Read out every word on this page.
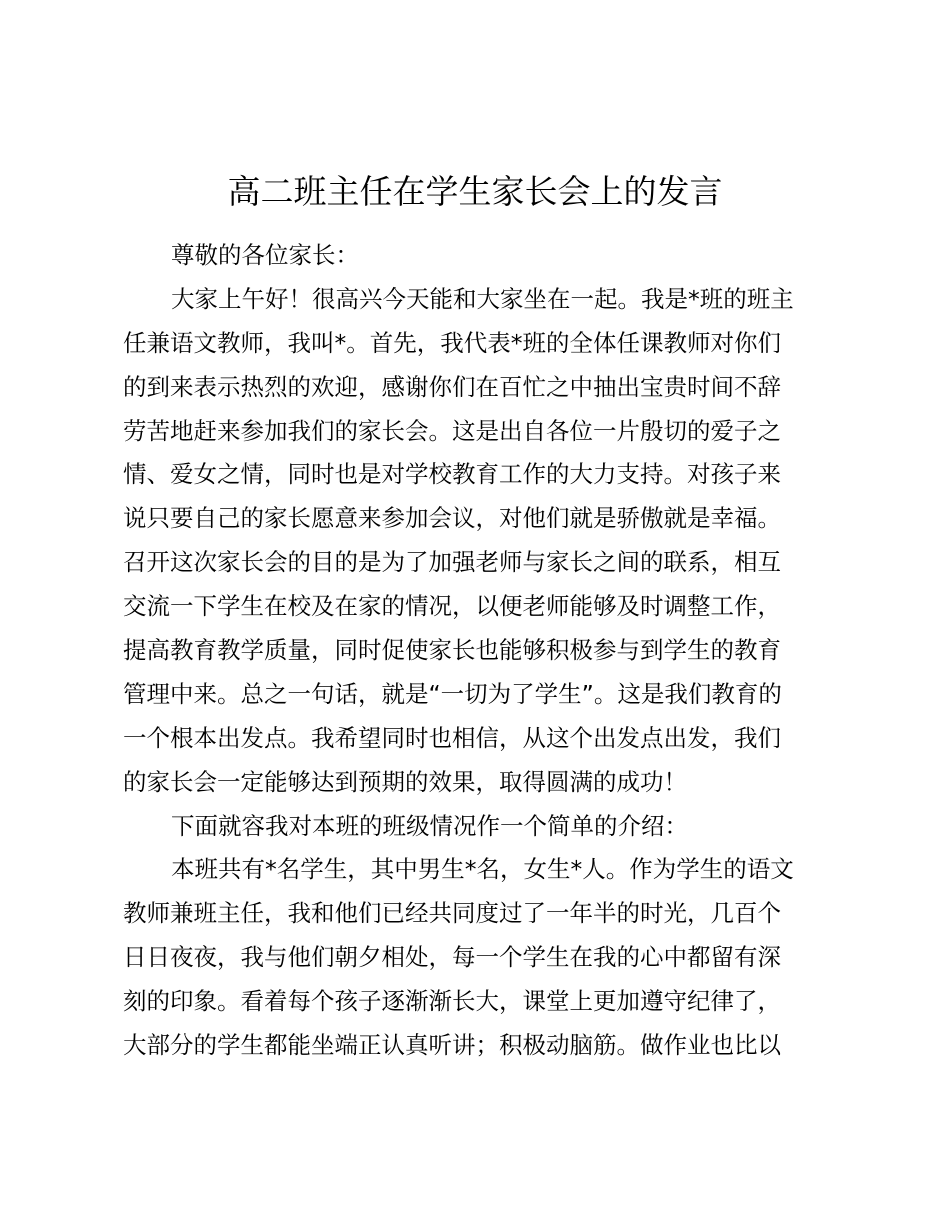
高二班主任在学生家长会上的发言
尊敬的各位家长：
大家上午好！很高兴今天能和大家坐在一起。我是*班的班主
任兼语文教师，我叫*。首先，我代表*班的全体任课教师对你们
的到来表示热烈的欢迎，感谢你们在百忙之中抽出宝贵时间不辞
劳苦地赶来参加我们的家长会。这是出自各位一片殷切的爱子之
情、爱女之情，同时也是对学校教育工作的大力支持。对孩子来
说只要自己的家长愿意来参加会议，对他们就是骄傲就是幸福。
召开这次家长会的目的是为了加强老师与家长之间的联系，相互
交流一下学生在校及在家的情况，以便老师能够及时调整工作，
提高教育教学质量，同时促使家长也能够积极参与到学生的教育
管理中来。总之一句话，就是“一切为了学生”。这是我们教育的
一个根本出发点。我希望同时也相信，从这个出发点出发，我们
的家长会一定能够达到预期的效果，取得圆满的成功！
下面就容我对本班的班级情况作一个简单的介绍：
本班共有*名学生，其中男生*名，女生*人。作为学生的语文
教师兼班主任，我和他们已经共同度过了一年半的时光，几百个
日日夜夜，我与他们朝夕相处，每一个学生在我的心中都留有深
刻的印象。看着每个孩子逐渐渐长大，课堂上更加遵守纪律了，
大部分的学生都能坐端正认真听讲；积极动脑筋。做作业也比以
